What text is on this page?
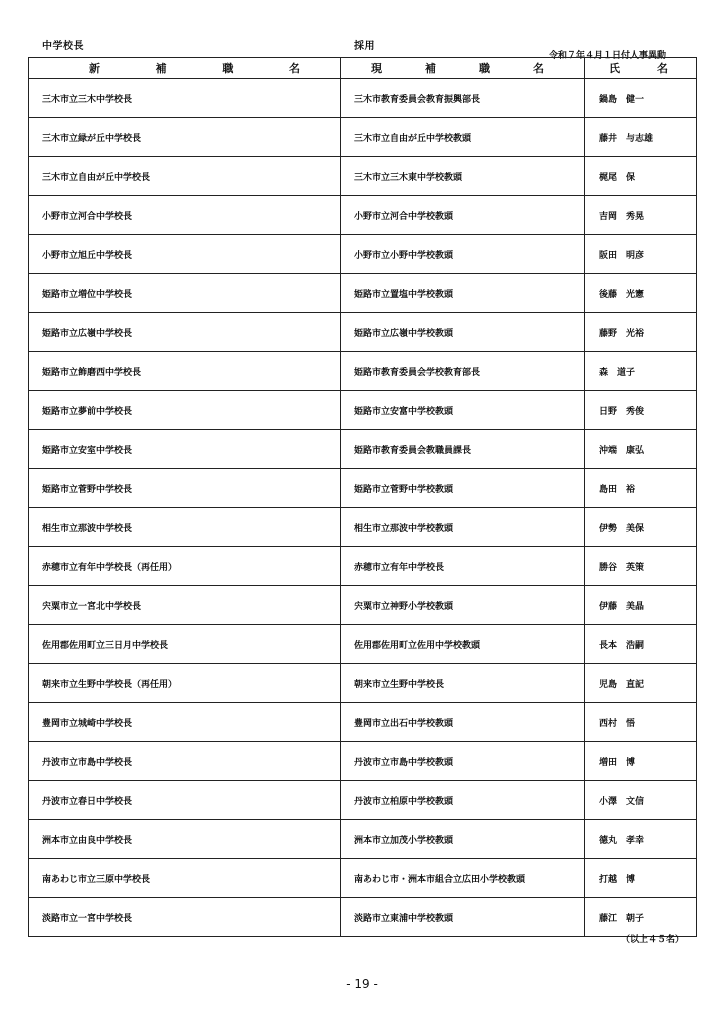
中学校長	採用
令和７年４月１日付人事異動
新 補 職 名	現 補 職 名	氏 名

三木市立三木中学校長	三木市教育委員会教育振興部長	鍋島　健一
三木市立緑が丘中学校長	三木市立自由が丘中学校教頭	藤井　与志雄
三木市立自由が丘中学校長	三木市立三木東中学校教頭	梶尾　保
小野市立河合中学校長	小野市立河合中学校教頭	吉岡　秀晃
小野市立旭丘中学校長	小野市立小野中学校教頭	阪田　明彦
姫路市立増位中学校長	姫路市立置塩中学校教頭	後藤　光憲
姫路市立広嶺中学校長	姫路市立広嶺中学校教頭	藤野　光裕
姫路市立飾磨西中学校長	姫路市教育委員会学校教育部長	森　道子
姫路市立夢前中学校長	姫路市立安富中学校教頭	日野　秀俊
姫路市立安室中学校長	姫路市教育委員会教職員課長	沖端　康弘
姫路市立菅野中学校長	姫路市立菅野中学校教頭	島田　裕
相生市立那波中学校長	相生市立那波中学校教頭	伊勢　美保
赤穂市立有年中学校長（再任用）	赤穂市立有年中学校長	勝谷　英策
宍粟市立一宮北中学校長	宍粟市立神野小学校教頭	伊藤　美晶
佐用郡佐用町立三日月中学校長	佐用郡佐用町立佐用中学校教頭	長本　浩嗣
朝来市立生野中学校長（再任用）	朝来市立生野中学校長	児島　直記
豊岡市立城崎中学校長	豊岡市立出石中学校教頭	西村　悟
丹波市立市島中学校長	丹波市立市島中学校教頭	増田　博
丹波市立春日中学校長	丹波市立柏原中学校教頭	小澤　文信
洲本市立由良中学校長	洲本市立加茂小学校教頭	德丸　孝幸
南あわじ市立三原中学校長	南あわじ市・洲本市組合立広田小学校教頭	打越　博
淡路市立一宮中学校長	淡路市立東浦中学校教頭	藤江　朝子
（以上４５名）
- 19 -
